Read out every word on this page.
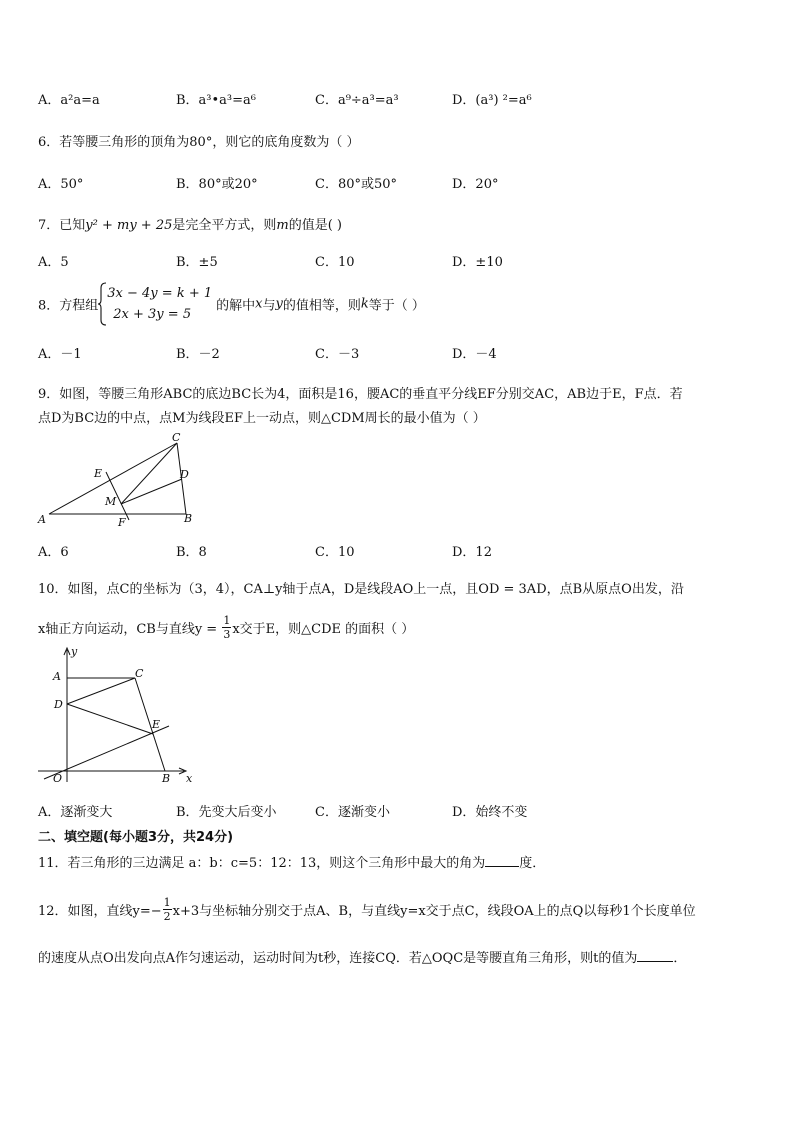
A．a²a=a	B．a³•a³=a⁶	C．a⁹÷a³=a³	D．(a³) ²=a⁶
6．若等腰三角形的顶角为80°，则它的底角度数为（ ）
A．50°	B．80°或20°	C．80°或50°	D．20°
7．已知y² + my + 25是完全平方式，则m的值是( )
A．5	B．±5	C．10	D．±10
8．方程组
3x − 4y = k + 1
2x + 3y = 5
的解中x与y的值相等，则k等于（ ）
A．－1	B．－2	C．－3	D．－4
9．如图，等腰三角形ABC的底边BC长为4，面积是16，腰AC的垂直平分线EF分别交AC，AB边于E，F点．若
点D为BC边的中点，点M为线段EF上一动点，则△CDM周长的最小值为（ ）
C
E	D
M
A	F	B
A．6	B．8	C．10	D．12
10．如图，点C的坐标为（3，4），CA⊥y轴于点A，D是线段AO上一点，且OD = 3AD，点B从原点O出发，沿
x轴正方向运动，CB与直线$y = \frac{1}{3}$ x交于E，则△CDE 的面积（ ）
y
A	C
D
E
O	B x
A．逐渐变大	B．先变大后变小	C．逐渐变小	D．始终不变
二、填空题(每小题3分，共24分)
11．若三角形的三边满足 a：b：c=5：12：13，则这个三角形中最大的角为	度．
12．如图，直线$y=- \frac{1}{2} x+3$与坐标轴分别交于点A、B，与直线y=x交于点C，线段OA上的点Q以每秒1个长度单位
的速度从点O出发向点A作匀速运动，运动时间为t秒，连接CQ．若△OQC是等腰直角三角形，则t的值为	．
